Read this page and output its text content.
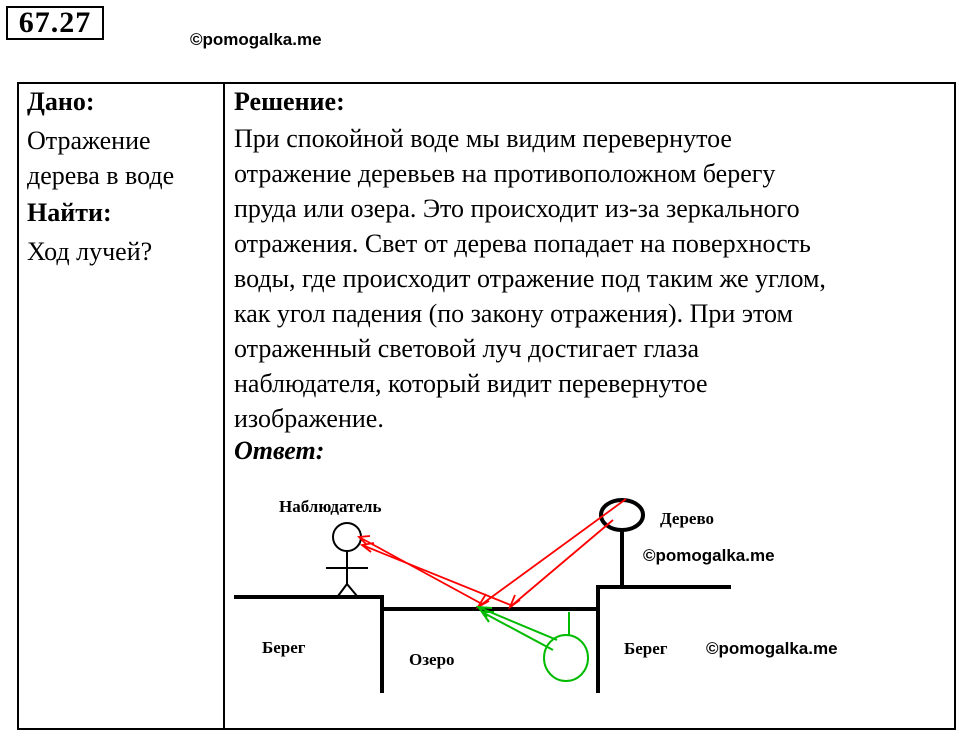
67.27
©pomogalka.me
Дано:
Отражение
дерева в воде
Найти:
Ход лучей?
Решение:
При спокойной воде мы видим перевернутое
отражение деревьев на противоположном берегу
пруда или озера. Это происходит из-за зеркального
отражения. Свет от дерева попадает на поверхность
воды, где происходит отражение под таким же углом,
как угол падения (по закону отражения). При этом
отраженный световой луч достигает глаза
наблюдателя, который видит перевернутое
изображение.
Ответ:
Наблюдатель
Дерево
©pomogalka.me
Берег
Озеро
Берег ©pomogalka.me
